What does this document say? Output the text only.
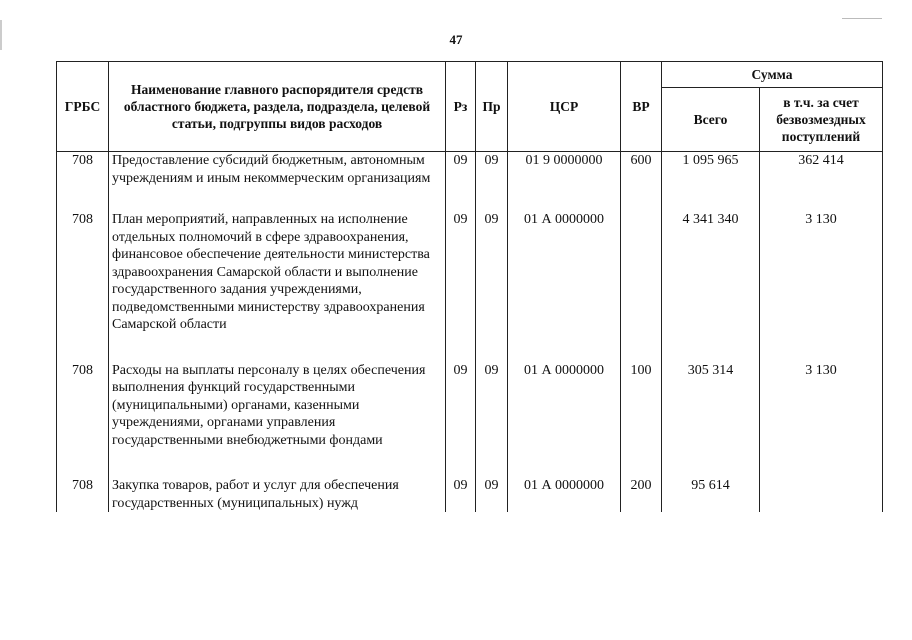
47
ГРБС	Наименование главного распорядителя средств областного бюджета, раздела, подраздела, целевой статьи, подгруппы видов расходов	Рз	Пр	ЦСР	ВР	Сумма	
						Всего	в т.ч. за счет безвозмездных поступлений
708	Предоставление субсидий бюджетным, автономным учреждениям и иным некоммерческим организациям	09	09	01 9 0000000	600	1 095 965	362 414

708	План мероприятий, направленных на исполнение отдельных полномочий в сфере здравоохранения, финансовое обеспечение деятельности министерства здравоохранения Самарской области и выполнение государственного задания учреждениями, подведомственными министерству здравоохранения Самарской области	09	09	01 А 0000000		4 341 340	3 130

708	Расходы на выплаты персоналу в целях обеспечения выполнения функций государственными (муниципальными) органами, казенными учреждениями, органами управления государственными внебюджетными фондами	09	09	01 А 0000000	100	305 314	3 130

708	Закупка товаров, работ и услуг для обеспечения государственных (муниципальных) нужд	09	09	01 А 0000000	200	95 614	
